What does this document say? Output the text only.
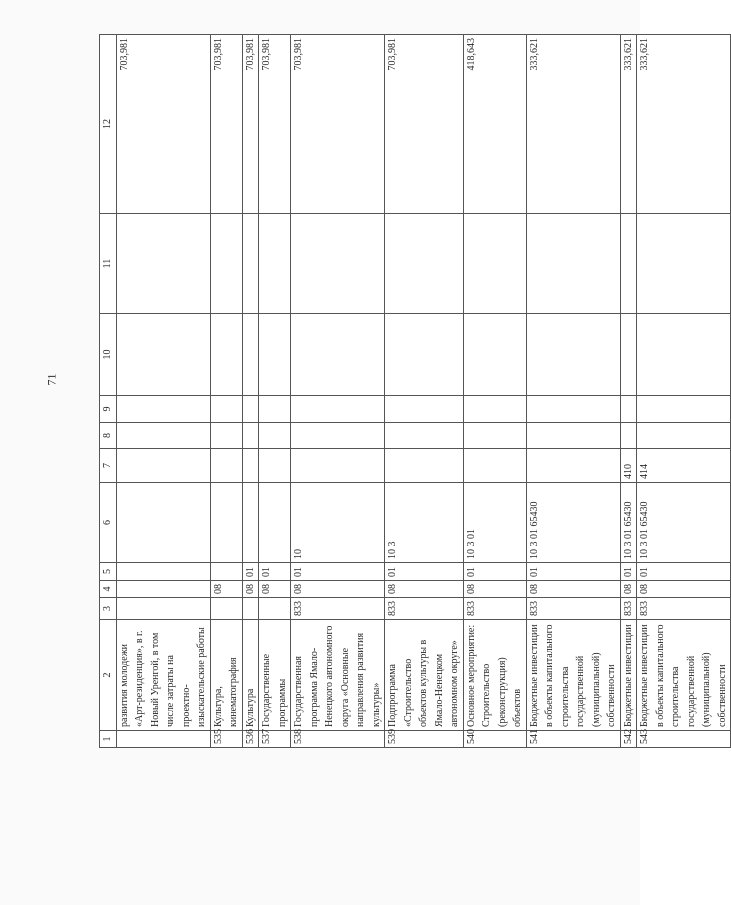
71
1	2	3	4	5	6	7	8	9	10	11	12
	развития молодежи «Арт-резиденция», в г. Новый Уренгой, в том числе затраты на проектно-изыскательские работы										703,981
535	Культура, кинематография		08								703,981
536	Культура		08	01							703,981
537	Государственные программы		08	01							703,981
538	Государственная программа Ямало-Ненецкого автономного округа «Основные направления развития культуры»	833	08	01	10						703,981
539	Подпрограмма «Строительство объектов культуры в Ямало-Ненецком автономном округе»	833	08	01	10 3						703,981
540	Основное мероприятие: Строительство (реконструкция) объектов	833	08	01	10 3 01						418,643
541	Бюджетные инвестиции в объекты капитального строительства государственной (муниципальной) собственности	833	08	01	10 3 01 65430						333,621
542	Бюджетные инвестиции	833	08	01	10 3 01 65430	410					333,621
543	Бюджетные инвестиции в объекты капитального строительства государственной (муниципальной) собственности	833	08	01	10 3 01 65430	414					333,621
